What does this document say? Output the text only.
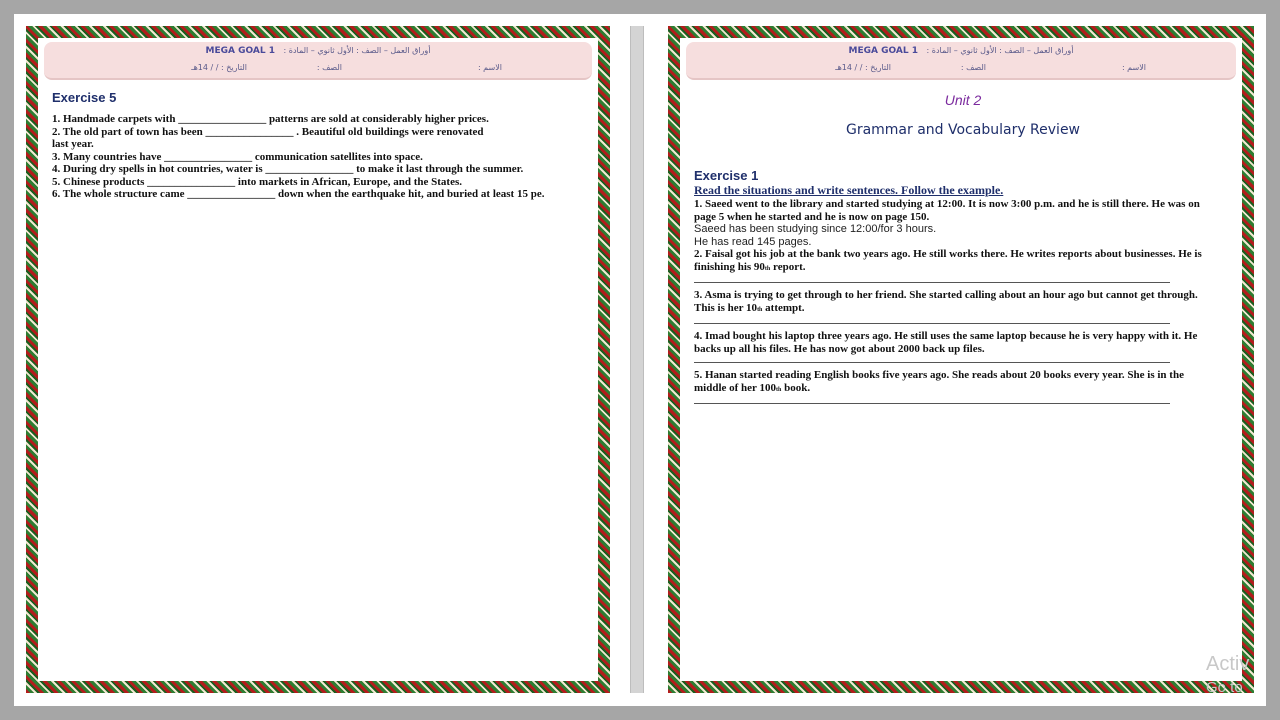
MEGA GOAL 1 أوراق العمل – الصف : الأول ثانوي – المادة :
الاسم :
الصف :
التاريخ : / / 14هـ
Exercise 5
1. Handmade carpets with ________________ patterns are sold at considerably higher prices.
2. The old part of town has been ________________ . Beautiful old buildings were renovated
last year.
3. Many countries have ________________ communication satellites into space.
4. During dry spells in hot countries, water is ________________ to make it last through the summer.
5. Chinese products ________________ into markets in African, Europe, and the States.
6. The whole structure came ________________ down when the earthquake hit, and buried at least 15 pe.
MEGA GOAL 1 أوراق العمل – الصف : الأول ثانوي – المادة :
الاسم :
الصف :
التاريخ : / / 14هـ
Unit 2
Grammar and Vocabulary Review
Exercise 1
Read the situations and write sentences. Follow the example.
1. Saeed went to the library and started studying at 12:00. It is now 3:00 p.m. and he is still there. He was on
page 5 when he started and he is now on page 150.
Saeed has been studying since 12:00/for 3 hours.
He has read 145 pages.
2. Faisal got his job at the bank two years ago. He still works there. He writes reports about businesses. He is
finishing his 90th report.
3. Asma is trying to get through to her friend. She started calling about an hour ago but cannot get through.
This is her 10th attempt.
4. Imad bought his laptop three years ago. He still uses the same laptop because he is very happy with it. He
backs up all his files. He has now got about 2000 back up files.
5. Hanan started reading English books five years ago. She reads about 20 books every year. She is in the
middle of her 100th book.
Activ
Go to
